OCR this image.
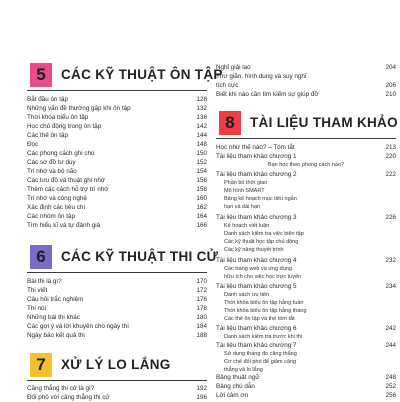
5	CÁC KỸ THUẬT ÔN TẬP
Bắt đầu ôn tập	128
Những vấn đề thường gặp khi ôn tập	132
Thời khóa biểu ôn tập	136
Học chủ động trong ôn tập	142
Các thẻ ôn tập	144
Đọc	148
Các phong cách ghi chú	150
Các sơ đồ tư duy	152
Trí nhớ và bộ não	154
Các lưu đồ và thuật ghi nhớ	156
Thêm các cách hỗ trợ trí nhớ	158
Trí nhớ và công nghệ	160
Xác định các tiêu chí	162
Các nhóm ôn tập	164
Tìm hiểu kĩ và tự đánh giá	166
6	CÁC KỸ THUẬT THI CỬ
Bài thi là gì?	170
Thi viết	172
Câu hỏi trắc nghiệm	176
Thi nói	178
Những bài thi khác	180
Các gợi ý và lời khuyên cho ngày thi	184
Ngày báo kết quả thi	188
7	XỬ LÝ LO LẮNG
Căng thẳng thi cử là gì?	192
Đối phó với căng thẳng thi cử	196
Nghỉ giải lao	204
Thư giãn, hình dung và suy nghĩ
tích cực	206
Biết khi nào cần tìm kiếm sự giúp đỡ	210
8	TÀI LIỆU THAM KHẢO
Học như thế nào? – Tóm tắt	213
Tài liệu tham khảo chương 1	220
Bạn học theo phong cách nào?
Tài liệu tham khảo chương 2	222
Phần bố thời gian
Mô hình SMART
Bảng kế hoạch mục tiêu ngắn
hạn và dài hạn
Tài liệu tham khảo chương 3	226
Kế hoạch viết luận
Danh sách kiểm tra việc biên tập
Các kỹ thuật học tập chủ động
Các kỹ năng thuyết trình
Tài liệu tham khảo chương 4	232
Các trang web và ứng dụng
hữu ích cho việc học trực tuyến
Tài liệu tham khảo chương 5	234
Danh sách ưu tiên
Thời khóa biểu ôn tập hằng tuần
Thời khóa biểu ôn tập hằng tháng
Các thẻ ôn tập và thẻ tóm tắt
Tài liệu tham khảo chương 6	242
Danh sách kiểm tra trước khi thi
Tài liệu tham khảo chương 7	244
Sử dụng thang đo căng thẳng
Cơ chế đối phó để giảm căng
thẳng và lo lắng
Bảng thuật ngữ	248
Bảng chú dẫn	252
Lời cảm ơn	256
